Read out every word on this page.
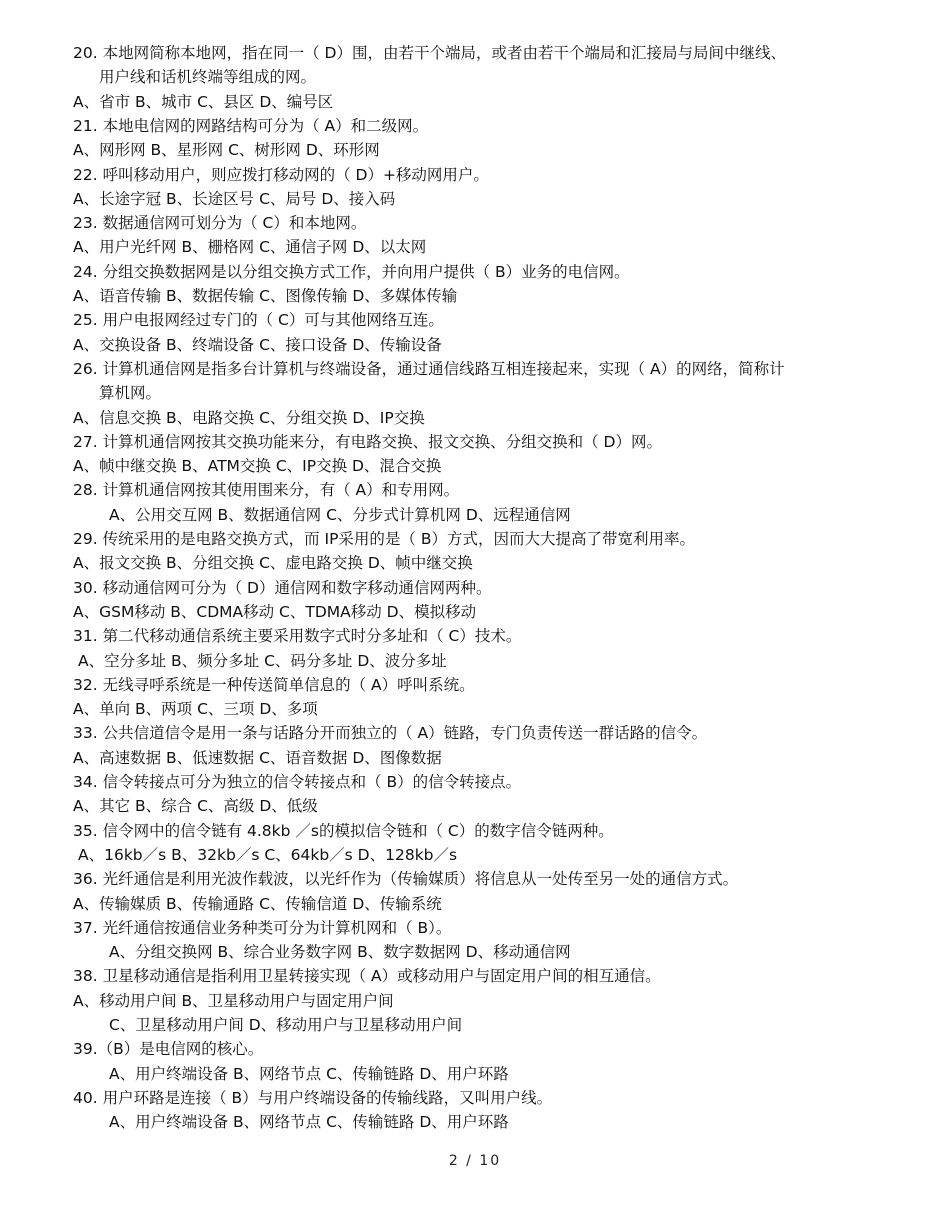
20. 本地网简称本地网，指在同一（ D）围，由若干个端局，或者由若干个端局和汇接局与局间中继线、
用户线和话机终端等组成的网。
A、省市 B、城市 C、县区 D、编号区
21. 本地电信网的网路结构可分为（ A）和二级网。
A、网形网 B、星形网 C、树形网 D、环形网
22. 呼叫移动用户，则应拨打移动网的（ D）+移动网用户。
A、长途字冠 B、长途区号 C、局号 D、接入码
23. 数据通信网可划分为（ C）和本地网。
A、用户光纤网 B、栅格网 C、通信子网 D、以太网
24. 分组交换数据网是以分组交换方式工作，并向用户提供（ B）业务的电信网。
A、语音传输 B、数据传输 C、图像传输 D、多媒体传输
25. 用户电报网经过专门的（ C）可与其他网络互连。
A、交换设备 B、终端设备 C、接口设备 D、传输设备
26. 计算机通信网是指多台计算机与终端设备，通过通信线路互相连接起来，实现（ A）的网络，简称计
算机网。
A、信息交换 B、电路交换 C、分组交换 D、IP交换
27. 计算机通信网按其交换功能来分，有电路交换、报文交换、分组交换和（ D）网。
A、帧中继交换 B、ATM交换 C、IP交换 D、混合交换
28. 计算机通信网按其使用围来分，有（ A）和专用网。
A、公用交互网 B、数据通信网 C、分步式计算机网 D、远程通信网
29. 传统采用的是电路交换方式，而 IP采用的是（ B）方式，因而大大提高了带宽利用率。
A、报文交换 B、分组交换 C、虚电路交换 D、帧中继交换
30. 移动通信网可分为（ D）通信网和数字移动通信网两种。
A、GSM移动 B、CDMA移动 C、TDMA移动 D、模拟移动
31. 第二代移动通信系统主要采用数字式时分多址和（ C）技术。
A、空分多址 B、频分多址 C、码分多址 D、波分多址
32. 无线寻呼系统是一种传送简单信息的（ A）呼叫系统。
A、单向 B、两项 C、三项 D、多项
33. 公共信道信令是用一条与话路分开而独立的（ A）链路，专门负责传送一群话路的信令。
A、高速数据 B、低速数据 C、语音数据 D、图像数据
34. 信令转接点可分为独立的信令转接点和（ B）的信令转接点。
A、其它 B、综合 C、高级 D、低级
35. 信令网中的信令链有 4.8kb ／s的模拟信令链和（ C）的数字信令链两种。
A、16kb／s B、32kb／s C、64kb／s D、128kb／s
36. 光纤通信是利用光波作载波，以光纤作为（传输媒质）将信息从一处传至另一处的通信方式。
A、传输媒质 B、传输通路 C、传输信道 D、传输系统
37. 光纤通信按通信业务种类可分为计算机网和（ B）。
A、分组交换网 B、综合业务数字网 B、数字数据网 D、移动通信网
38. 卫星移动通信是指利用卫星转接实现（ A）或移动用户与固定用户间的相互通信。
A、移动用户间 B、卫星移动用户与固定用户间
C、卫星移动用户间 D、移动用户与卫星移动用户间
39.（B）是电信网的核心。
A、用户终端设备 B、网络节点 C、传输链路 D、用户环路
40. 用户环路是连接（ B）与用户终端设备的传输线路，又叫用户线。
A、用户终端设备 B、网络节点 C、传输链路 D、用户环路
2 / 10
